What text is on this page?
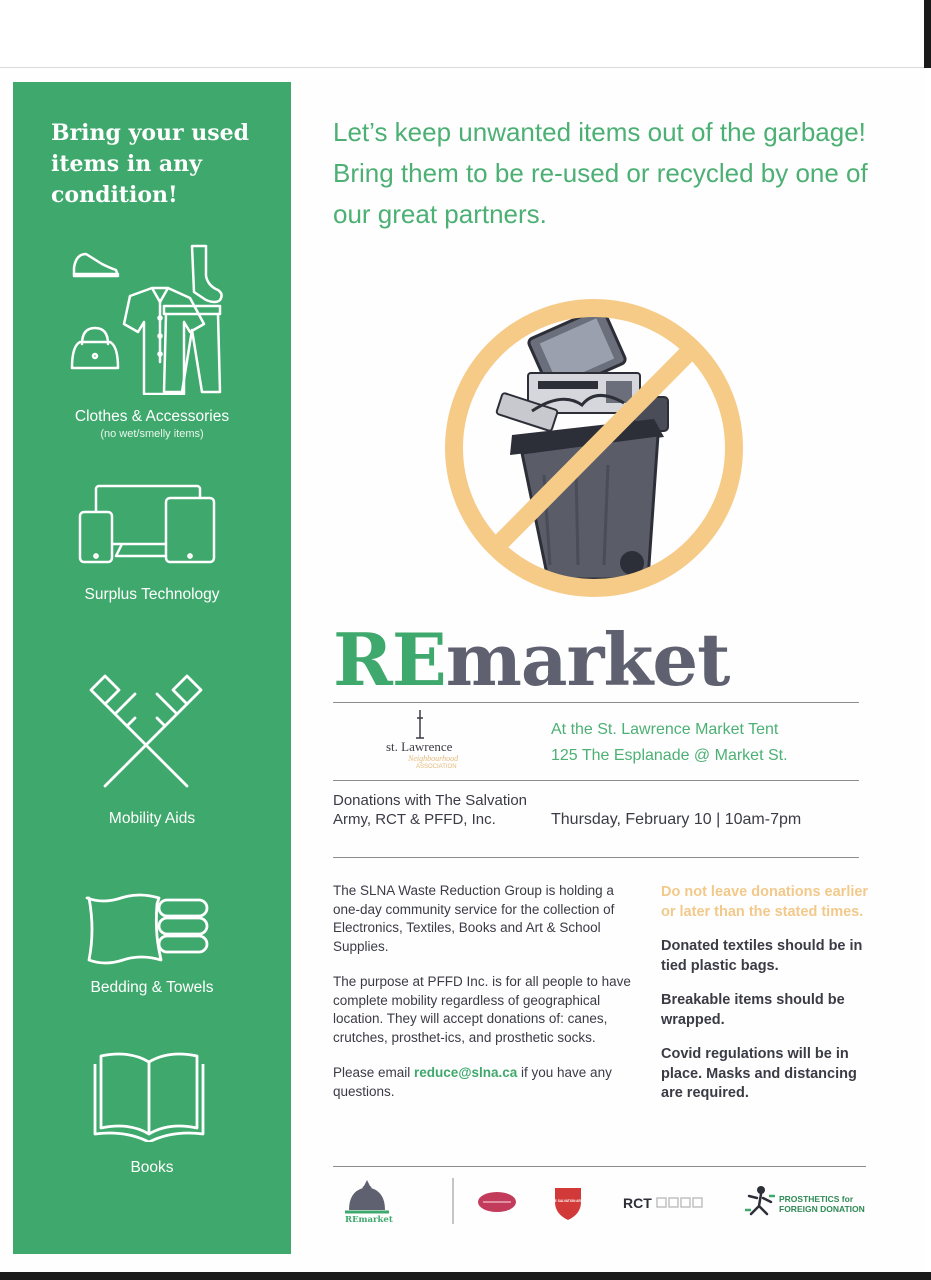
Bring your used items in any condition!
Clothes & Accessories
(no wet/smelly items)
Surplus Technology
Mobility Aids
Bedding & Towels
Books
Let’s keep unwanted items out of the garbage! Bring them to be re-used or recycled by one of our great partners.
REmarket
st. Lawrence
Neighbourhood
ASSOCIATION
At the St. Lawrence Market Tent
125 The Esplanade @ Market St.
Donations with The Salvation Army, RCT & PFFD, Inc.	Thursday, February 10 | 10am-7pm

The SLNA Waste Reduction Group is holding a one-day community service for the collection of Electronics, Textiles, Books and Art & School Supplies.

The purpose at PFFD Inc. is for all people to have complete mobility regardless of geographical location. They will accept donations of: canes, crutches, prosthet-ics, and prosthetic socks.

Please email reduce@slna.ca if you have any questions.

Do not leave donations earlier or later than the stated times.
Donated textiles should be in tied plastic bags.
Breakable items should be wrapped.
Covid regulations will be in place. Masks and distancing are required.
REmarket
THE SALVATION ARMY	RCT	PROSTHETICS for
FOREIGN DONATION
